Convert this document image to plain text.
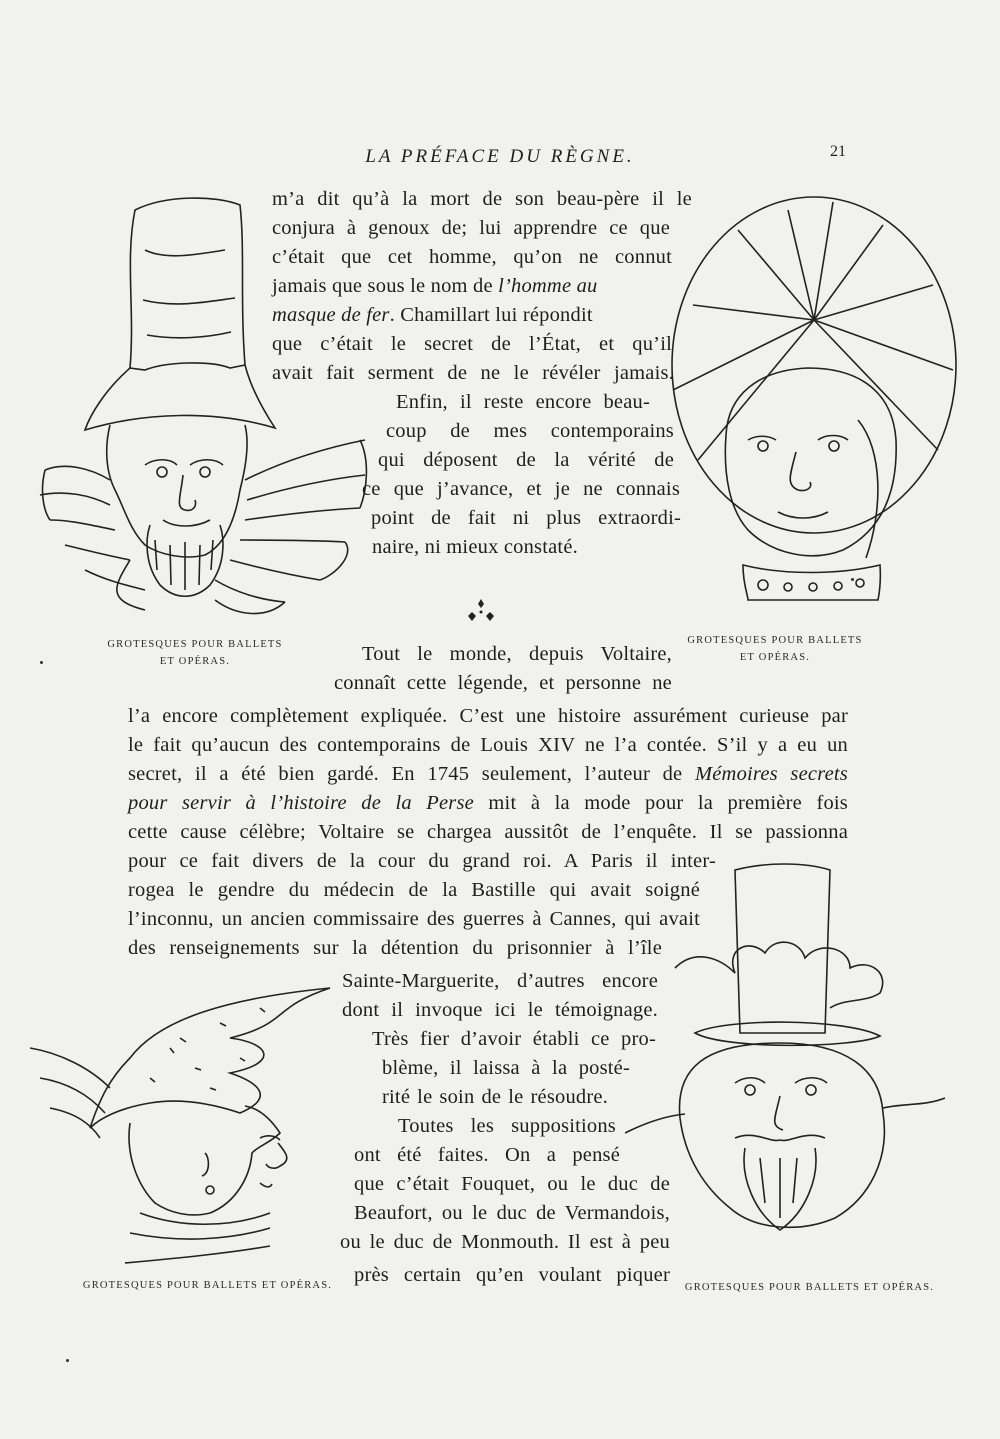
LA PRÉFACE DU RÈGNE.	21
GROTESQUES POUR BALLETS
ET OPÉRAS.
GROTESQUES POUR BALLETS
ET OPÉRAS.
GROTESQUES POUR BALLETS ET OPÉRAS.	GROTESQUES POUR BALLETS ET OPÉRAS.
m’a dit qu’à la mort de son beau-père il le
conjura à genoux de; lui apprendre ce que
c’était que cet homme, qu’on ne connut
jamais que sous le nom de l’homme au
masque de fer. Chamillart lui répondit
que c’était le secret de l’État, et qu’il
avait fait serment de ne le révéler jamais.
Enfin, il reste encore beau-
coup de mes contemporains
qui déposent de la vérité de
ce que j’avance, et je ne connais
point de fait ni plus extraordi-
naire, ni mieux constaté.
Tout le monde, depuis Voltaire,
connaît cette légende, et personne ne
l’a encore complètement expliquée. C’est une histoire assurément curieuse par
le fait qu’aucun des contemporains de Louis XIV ne l’a contée. S’il y a eu un
secret, il a été bien gardé. En 1745 seulement, l’auteur de Mémoires secrets
pour servir à l’histoire de la Perse mit à la mode pour la première fois
cette cause célèbre; Voltaire se chargea aussitôt de l’enquête. Il se passionna
pour ce fait divers de la cour du grand roi. A Paris il inter-
rogea le gendre du médecin de la Bastille qui avait soigné
l’inconnu, un ancien commissaire des guerres à Cannes, qui avait
des renseignements sur la détention du prisonnier à l’île
Sainte-Marguerite, d’autres encore
dont il invoque ici le témoignage.
Très fier d’avoir établi ce pro-
blème, il laissa à la posté-
rité le soin de le résoudre.
Toutes les suppositions
ont été faites. On a pensé
que c’était Fouquet, ou le duc de
Beaufort, ou le duc de Vermandois,
ou le duc de Monmouth. Il est à peu
près certain qu’en voulant piquer
